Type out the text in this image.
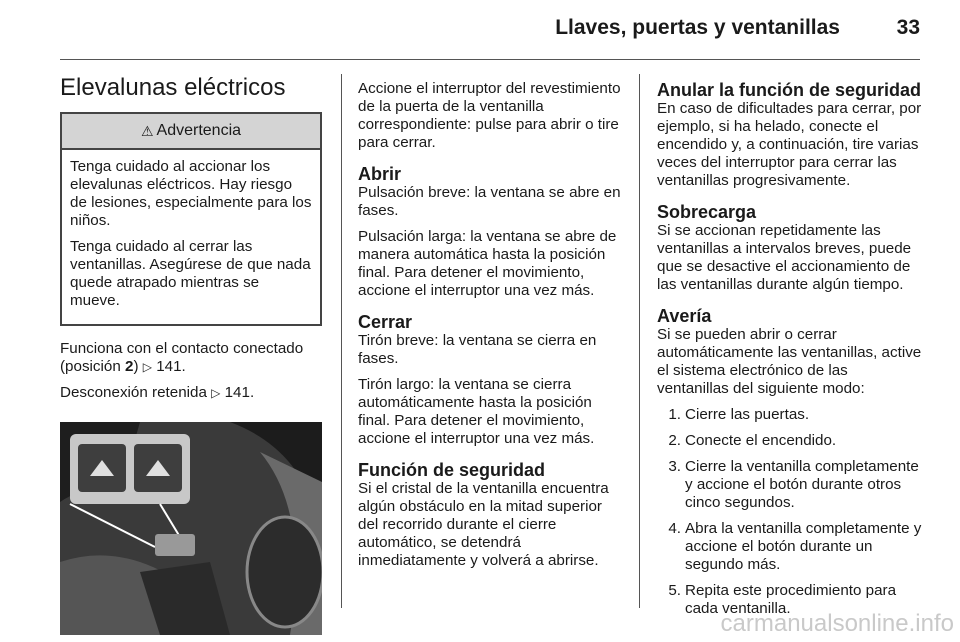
Llaves, puertas y ventanillas	33
Elevalunas eléctricos
⚠ Advertencia

Tenga cuidado al accionar los elevalunas eléctricos. Hay riesgo de lesiones, especialmente para los niños.

Tenga cuidado al cerrar las ventanillas. Asegúrese de que nada quede atrapado mientras se mueve.

Funciona con el contacto conectado (posición 2) ▷ 141.

Desconexión retenida ▷ 141.

Accione el interruptor del revestimiento de la puerta de la ventanilla correspondiente: pulse para abrir o tire para cerrar.

Abrir

Pulsación breve: la ventana se abre en fases.

Pulsación larga: la ventana se abre de manera automática hasta la posición final. Para detener el movimiento, accione el interruptor una vez más.

Cerrar

Tirón breve: la ventana se cierra en fases.

Tirón largo: la ventana se cierra automáticamente hasta la posición final. Para detener el movimiento, accione el interruptor una vez más.

Función de seguridad

Si el cristal de la ventanilla encuentra algún obstáculo en la mitad superior del recorrido durante el cierre automático, se detendrá inmediatamente y volverá a abrirse.

Anular la función de seguridad

En caso de dificultades para cerrar, por ejemplo, si ha helado, conecte el encendido y, a continuación, tire varias veces del interruptor para cerrar las ventanillas progresivamente.

Sobrecarga

Si se accionan repetidamente las ventanillas a intervalos breves, puede que se desactive el accionamiento de las ventanillas durante algún tiempo.

Avería

Si se pueden abrir o cerrar automáticamente las ventanillas, active el sistema electrónico de las ventanillas del siguiente modo:

1. Cierre las puertas.
2. Conecte el encendido.
3. Cierre la ventanilla completamente y accione el botón durante otros cinco segundos.
4. Abra la ventanilla completamente y accione el botón durante un segundo más.
5. Repita este procedimiento para cada ventanilla.
carmanualsonline.info
